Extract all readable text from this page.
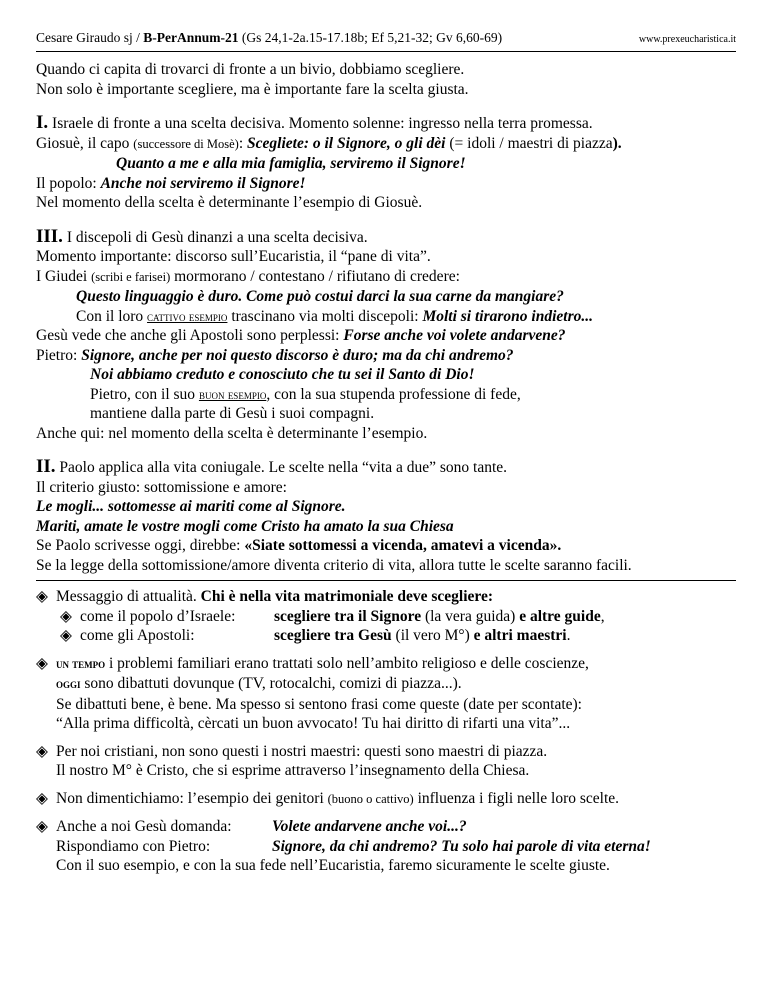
Cesare Giraudo sj / B-PerAnnum-21 (Gs 24,1-2a.15-17.18b; Ef 5,21-32; Gv 6,60-69)	www.prexeucharistica.it
Quando ci capita di trovarci di fronte a un bivio, dobbiamo scegliere.
Non solo è importante scegliere, ma è importante fare la scelta giusta.
I. Israele di fronte a una scelta decisiva. Momento solenne: ingresso nella terra promessa.
Giosuè, il capo (successore di Mosè): Scegliete: o il Signore, o gli dèi (= idoli / maestri di piazza).
Quanto a me e alla mia famiglia, serviremo il Signore!
Il popolo: Anche noi serviremo il Signore!
Nel momento della scelta è determinante l’esempio di Giosuè.
III. I discepoli di Gesù dinanzi a una scelta decisiva.
Momento importante: discorso sull’Eucaristia, il “pane di vita”.
I Giudei (scribi e farisei) mormorano / contestano / rifiutano di credere:
Questo linguaggio è duro. Come può costui darci la sua carne da mangiare?
Con il loro cattivo esempio trascinano via molti discepoli: Molti si tirarono indietro...
Gesù vede che anche gli Apostoli sono perplessi: Forse anche voi volete andarvene?
Pietro: Signore, anche per noi questo discorso è duro; ma da chi andremo?
Noi abbiamo creduto e conosciuto che tu sei il Santo di Dio!
Pietro, con il suo buon esempio, con la sua stupenda professione di fede,
mantiene dalla parte di Gesù i suoi compagni.
Anche qui: nel momento della scelta è determinante l’esempio.
II. Paolo applica alla vita coniugale. Le scelte nella “vita a due” sono tante.
Il criterio giusto: sottomissione e amore:
Le mogli... sottomesse ai mariti come al Signore.
Mariti, amate le vostre mogli come Cristo ha amato la sua Chiesa
Se Paolo scrivesse oggi, direbbe: «Siate sottomessi a vicenda, amatevi a vicenda».
Se la legge della sottomissione/amore diventa criterio di vita, allora tutte le scelte saranno facili.
◈ Messaggio di attualità. Chi è nella vita matrimoniale deve scegliere:
◈ come il popolo d’Israele: scegliere tra il Signore (la vera guida) e altre guide,
◈ come gli Apostoli:	scegliere tra Gesù (il vero M°) e altri maestri.
◈ un tempo i problemi familiari erano trattati solo nell’ambito religioso e delle coscienze,
oggi sono dibattuti dovunque (TV, rotocalchi, comizi di piazza...).
Se dibattuti bene, è bene. Ma spesso si sentono frasi come queste (date per scontate):
“Alla prima difficoltà, cèrcati un buon avvocato! Tu hai diritto di rifarti una vita”...
◈ Per noi cristiani, non sono questi i nostri maestri: questi sono maestri di piazza.
Il nostro M° è Cristo, che si esprime attraverso l’insegnamento della Chiesa.
◈ Non dimentichiamo: l’esempio dei genitori (buono o cattivo) influenza i figli nelle loro scelte.
◈ Anche a noi Gesù domanda:	Volete andarvene anche voi...?
Rispondiamo con Pietro:	Signore, da chi andremo? Tu solo hai parole di vita eterna!
Con il suo esempio, e con la sua fede nell’Eucaristia, faremo sicuramente le scelte giuste.
